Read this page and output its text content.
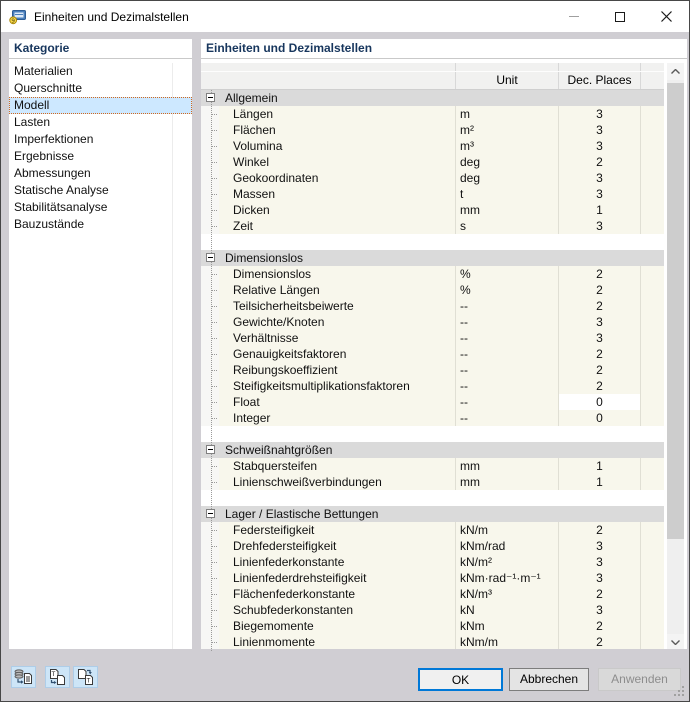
9 Einheiten und Dezimalstellen
Kategorie
Materialien
Querschnitte
Modell
Lasten
Imperfektionen
Ergebnisse
Abmessungen
Statische Analyse
Stabilitätsanalyse
Bauzustände
Einheiten und Dezimalstellen
Unit	Dec. Places
Allgemein
Längen	m	3
Flächen	m²	3
Volumina	m³	3
Winkel	deg	2
Geokoordinaten	deg	3
Massen	t	3
Dicken	mm	1
Zeit	s	3
Dimensionslos
Dimensionslos	%	2
Relative Längen	%	2
Teilsicherheitsbeiwerte	--	2
Gewichte/Knoten	--	3
Verhältnisse	--	3
Genauigkeitsfaktoren	--	2
Reibungskoeffizient	--	2
Steifigkeitsmultiplikationsfaktoren	--	2
Float	--	0
Integer	--	0
Schweißnahtgrößen
Stabquersteifen	mm	1
Linienschweißverbindungen	mm	1
Lager / Elastische Bettungen
Federsteifigkeit	kN/m	2
Drehfedersteifigkeit	kNm/rad	3
Linienfederkonstante	kN/m²	3
Linienfederdrehsteifigkeit	kNm·rad⁻¹·m⁻¹	3
Flächenfederkonstante	kN/m³	2
Schubfederkonstanten	kN	3
Biegemomente	kNm	2
Linienmomente	kNm/m	2
T
T	OK	Abbrechen	Anwenden
